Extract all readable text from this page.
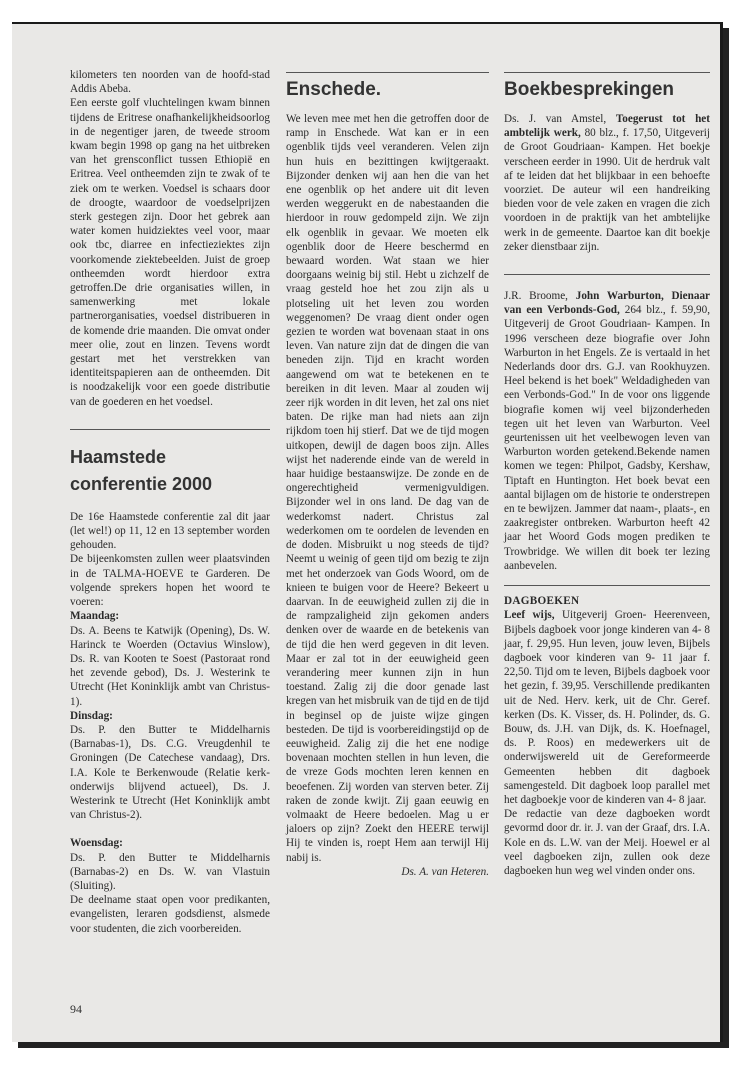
kilometers ten noorden van de hoofd-stad Addis Abeba.

Een eerste golf vluchtelingen kwam binnen tijdens de Eritrese onafhankelijkheidsoorlog in de negentiger jaren, de tweede stroom kwam begin 1998 op gang na het uitbreken van het grensconflict tussen Ethiopië en Eritrea. Veel ontheemden zijn te zwak of te ziek om te werken. Voedsel is schaars door de droogte, waardoor de voedselprijzen sterk gestegen zijn. Door het gebrek aan water komen huidziektes veel voor, maar ook tbc, diarree en infectieziektes zijn voorkomende ziektebeelden. Juist de groep ontheemden wordt hierdoor extra getroffen.De drie organisaties willen, in samenwerking met lokale partnerorganisaties, voedsel distribueren in de komende drie maanden. Die omvat onder meer olie, zout en linzen. Tevens wordt gestart met het verstrekken van identiteitspapieren aan de ontheemden. Dit is noodzakelijk voor een goede distributie van de goederen en het voedsel.

Haamstede
conferentie 2000

De 16e Haamstede conferentie zal dit jaar (let wel!) op 11, 12 en 13 september worden gehouden.

De bijeenkomsten zullen weer plaatsvinden in de TALMA-HOEVE te Garderen. De volgende sprekers hopen het woord te voeren:

Maandag:

Ds. A. Beens te Katwijk (Opening), Ds. W. Harinck te Woerden (Octavius Winslow), Ds. R. van Kooten te Soest (Pastoraat rond het zevende gebod), Ds. J. Westerink te Utrecht (Het Koninklijk ambt van Christus-1).

Dinsdag:

Ds. P. den Butter te Middelharnis (Barnabas-1), Ds. C.G. Vreugdenhil te Groningen (De Catechese vandaag), Drs. I.A. Kole te Berkenwoude (Relatie kerk-onderwijs blijvend actueel), Ds. J. Westerink te Utrecht (Het Koninklijk ambt van Christus-2).

Woensdag:

Ds. P. den Butter te Middelharnis (Barnabas-2) en Ds. W. van Vlastuin (Sluiting).

De deelname staat open voor predikanten, evangelisten, leraren godsdienst, alsmede voor studenten, die zich voorbereiden.

Enschede.

We leven mee met hen die getroffen door de ramp in Enschede. Wat kan er in een ogenblik tijds veel veranderen. Velen zijn hun huis en bezittingen kwijtgeraakt. Bijzonder denken wij aan hen die van het ene ogenblik op het andere uit dit leven werden weggerukt en de nabestaanden die hierdoor in rouw gedompeld zijn. We zijn elk ogenblik in gevaar. We moeten elk ogenblik door de Heere beschermd en bewaard worden. Wat staan we hier doorgaans weinig bij stil. Hebt u zichzelf de vraag gesteld hoe het zou zijn als u plotseling uit het leven zou worden weggenomen? De vraag dient onder ogen gezien te worden wat bovenaan staat in ons leven. Van nature zijn dat de dingen die van beneden zijn. Tijd en kracht worden aangewend om wat te betekenen en te bereiken in dit leven. Maar al zouden wij zeer rijk worden in dit leven, het zal ons niet baten. De rijke man had niets aan zijn rijkdom toen hij stierf. Dat we de tijd mogen uitkopen, dewijl de dagen boos zijn. Alles wijst het naderende einde van de wereld in haar huidige bestaanswijze. De zonde en de ongerechtigheid vermenigvuldigen. Bijzonder wel in ons land. De dag van de wederkomst nadert. Christus zal wederkomen om te oordelen de levenden en de doden. Misbruikt u nog steeds de tijd? Neemt u weinig of geen tijd om bezig te zijn met het onderzoek van Gods Woord, om de knieen te buigen voor de Heere? Bekeert u daarvan. In de eeuwigheid zullen zij die in de rampzaligheid zijn gekomen anders denken over de waarde en de betekenis van de tijd die hen werd gegeven in dit leven. Maar er zal tot in der eeuwigheid geen verandering meer kunnen zijn in hun toestand. Zalig zij die door genade last kregen van het misbruik van de tijd en de tijd in beginsel op de juiste wijze gingen besteden. De tijd is voorbereidingstijd op de eeuwigheid. Zalig zij die het ene nodige bovenaan mochten stellen in hun leven, die de vreze Gods mochten leren kennen en beoefenen. Zij worden van sterven beter. Zij raken de zonde kwijt. Zij gaan eeuwig en volmaakt de Heere bedoelen. Mag u er jaloers op zijn? Zoekt den HEERE terwijl Hij te vinden is, roept Hem aan terwijl Hij nabij is.

Ds. A. van Heteren.

Boekbesprekingen

Ds. J. van Amstel, Toegerust tot het ambtelijk werk, 80 blz., f. 17,50, Uitgeverij de Groot Goudriaan- Kampen. Het boekje verscheen eerder in 1990. Uit de herdruk valt af te leiden dat het blijkbaar in een behoefte voorziet. De auteur wil een handreiking bieden voor de vele zaken en vragen die zich voordoen in de praktijk van het ambtelijke werk in de gemeente. Daartoe kan dit boekje zeker dienstbaar zijn.

J.R. Broome, John Warburton, Dienaar van een Verbonds-God, 264 blz., f. 59,90, Uitgeverij de Groot Goudriaan- Kampen. In 1996 verscheen deze biografie over John Warburton in het Engels. Ze is vertaald in het Nederlands door drs. G.J. van Rookhuyzen. Heel bekend is het boek" Weldadigheden van een Verbonds-God." In de voor ons liggende biografie komen wij veel bijzonderheden tegen uit het leven van Warburton. Veel geurtenissen uit het veelbewogen leven van Warburton worden getekend.Bekende namen komen we tegen: Philpot, Gadsby, Kershaw, Tiptaft en Huntington. Het boek bevat een aantal bijlagen om de historie te onderstrepen en te bewijzen. Jammer dat naam-, plaats-, en zaakregister ontbreken. Warburton heeft 42 jaar het Woord Gods mogen prediken te Trowbridge. We willen dit boek ter lezing aanbevelen.

DAGBOEKEN

Leef wijs, Uitgeverij Groen- Heerenveen, Bijbels dagboek voor jonge kinderen van 4- 8 jaar, f. 29,95. Hun leven, jouw leven, Bijbels dagboek voor kinderen van 9- 11 jaar f. 22,50. Tijd om te leven, Bijbels dagboek voor het gezin, f. 39,95. Verschillende predikanten uit de Ned. Herv. kerk, uit de Chr. Geref. kerken (Ds. K. Visser, ds. H. Polinder, ds. G. Bouw, ds. J.H. van Dijk, ds. K. Hoefnagel, ds. P. Roos) en medewerkers uit de onderwijswereld uit de Gereformeerde Gemeenten hebben dit dagboek samengesteld. Dit dagboek loop parallel met het dagboekje voor de kinderen van 4- 8 jaar.

De redactie van deze dagboeken wordt gevormd door dr. ir. J. van der Graaf, drs. I.A. Kole en ds. L.W. van der Meij. Hoewel er al veel dagboeken zijn, zullen ook deze dagboeken hun weg wel vinden onder ons.

94
